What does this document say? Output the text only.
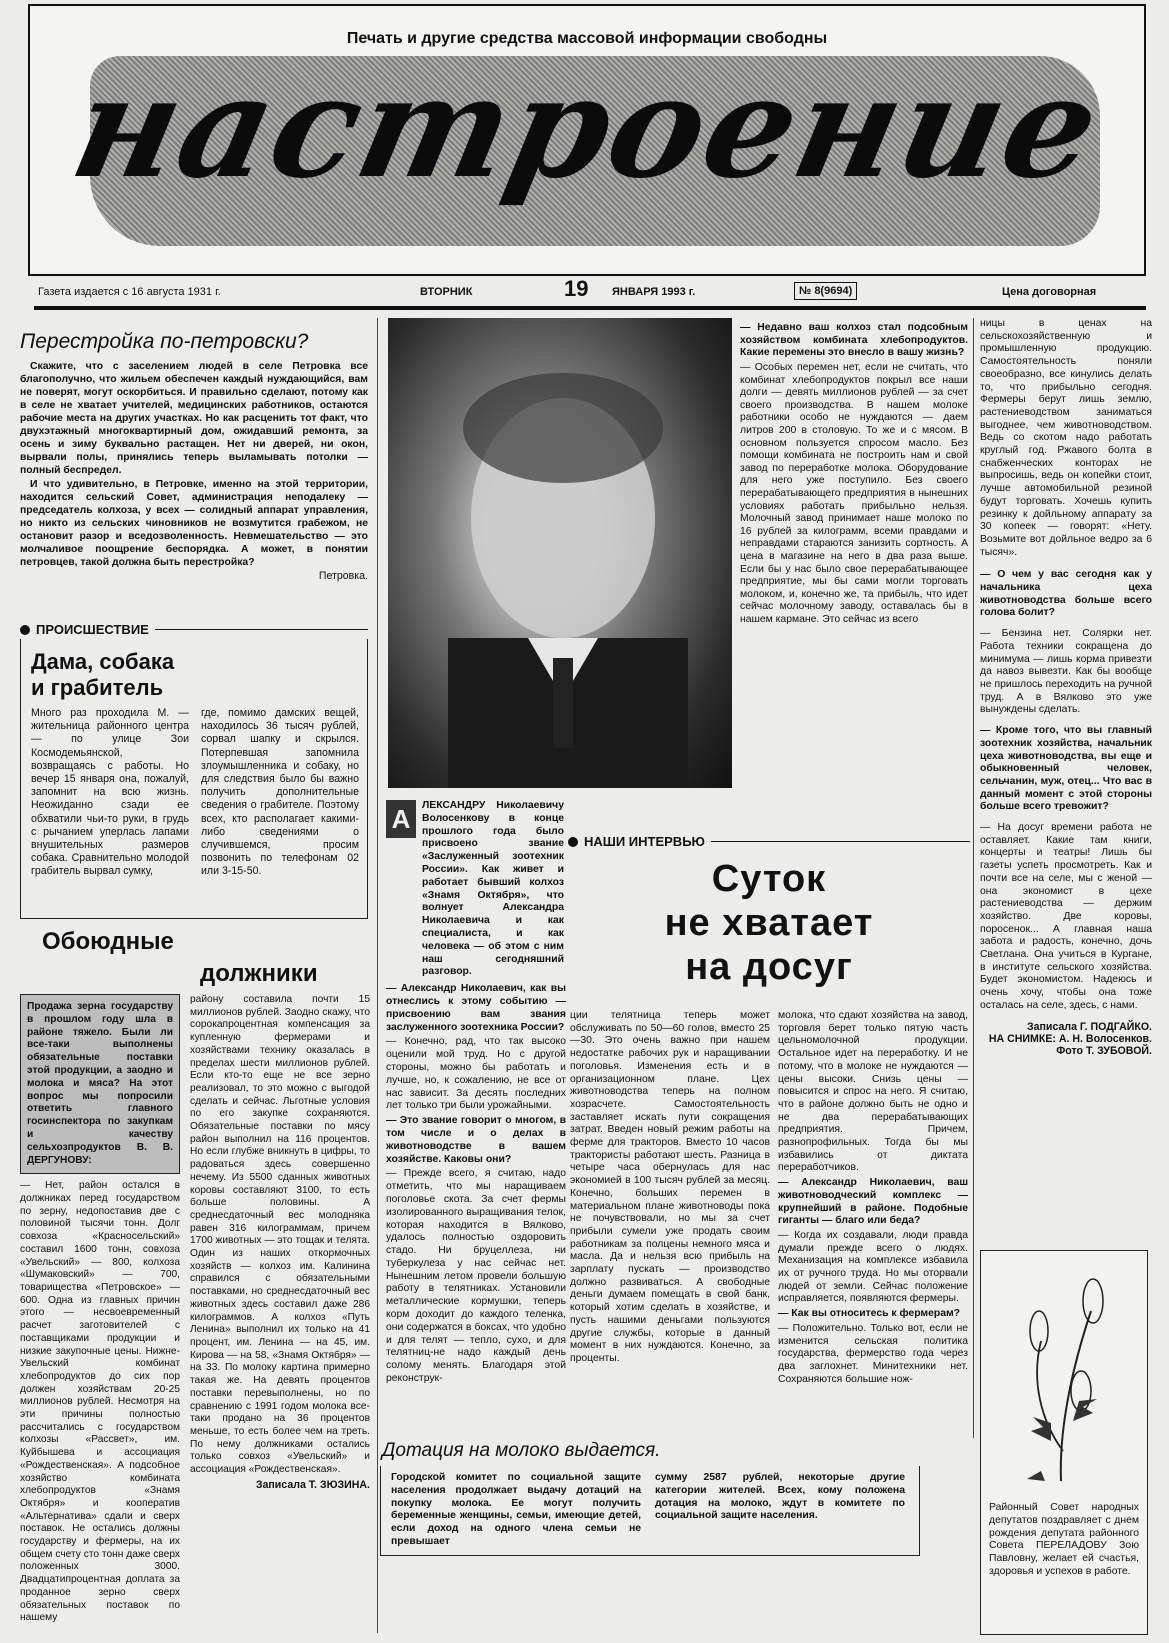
Печать и другие средства массовой информации свободны
настроение
Газета издается с 16 августа 1931 г.	ВТОРНИК	19 ЯНВАРЯ 1993 г.	№ 8(9694)	Цена договорная
Перестройка по-петровски?

Скажите, что с заселением людей в селе Петровка все благополучно, что жильем обеспечен каждый нуждающийся, вам не поверят, могут оскорбиться. И правильно сделают, потому как в селе не хватает учителей, медицинских работников, остаются рабочие места на других участках. Но как расценить тот факт, что двухэтажный многоквартирный дом, ожидавший ремонта, за осень и зиму буквально растащен. Нет ни дверей, ни окон, вырвали полы, принялись теперь выламывать потолки — полный беспредел.

И что удивительно, в Петровке, именно на этой территории, находится сельский Совет, администрация неподалеку — председатель колхоза, у всех — солидный аппарат управления, но никто из сельских чиновников не возмутится грабежом, не остановит разор и вседозволенность. Невмешательство — это молчаливое поощрение беспорядка. А может, в понятии петровцев, такой должна быть перестройка?

Петровка.
ПРОИСШЕСТВИЕ
Дама, собака
и грабитель
Много раз проходила М. — жительница районного центра — по улице Зои Космодемьянской, возвращаясь с работы. Но вечер 15 января она, пожалуй, запомнит на всю жизнь. Неожиданно сзади ее обхватили чьи-то руки, в грудь с рычанием уперлась лапами внушительных размеров собака. Сравнительно молодой грабитель вырвал сумку,
где, помимо дамских вещей, находилось 36 тысяч рублей, сорвал шапку и скрылся. Потерпевшая запомнила злоумышленника и собаку, но для следствия было бы важно получить дополнительные сведения о грабителе. Поэтому всех, кто располагает какими-либо сведениями о случившемся, просим позвонить по телефонам 02 или 3-15-50.
Обоюдные
должники
Продажа зерна государству в прошлом году шла в районе тяжело. Были ли все-таки выполнены обязательные поставки этой продукции, а заодно и молока и мяса? На этот вопрос мы попросили ответить главного госинспектора по закупкам и качеству сельхозпродуктов В. В. ДЕРГУНОВУ:
— Нет, район остался в должниках перед государством по зерну, недопоставив две с половиной тысячи тонн. Долг совхоза «Красносельский» составил 1600 тонн, совхоза «Увельский» — 800, колхоза «Шумаковский» — 700, товарищества «Петровское» — 600. Одна из главных причин этого — несвоевременный расчет заготовителей с поставщиками продукции и низкие закупочные цены. Нижне-Увельский комбинат хлебопродуктов до сих пор должен хозяйствам 20-25 миллионов рублей. Несмотря на эти причины полностью рассчитались с государством колхозы «Рассвет», им. Куйбышева и ассоциация «Рождественская». А подсобное хозяйство комбината хлебопродуктов «Знамя Октября» и кооператив «Альтернатива» сдали и сверх поставок. Не остались должны государству и фермеры, на их общем счету сто тонн даже сверх положенных 3000. Двадцатипроцентная доплата за проданное зерно сверх обязательных поставок по нашему
району составила почти 15 миллионов рублей. Заодно скажу, что сорокапроцентная компенсация за купленную фермерами и хозяйствами технику оказалась в пределах шести миллионов рублей. Если кто-то еще не все зерно реализовал, то это можно с выгодой сделать и сейчас. Льготные условия по его закупке сохраняются. Обязательные поставки по мясу район выполнил на 116 процентов. Но если глубже вникнуть в цифры, то радоваться здесь совершенно нечему. Из 5500 сданных животных коровы составляют 3100, то есть больше половины. А среднесдаточный вес молодняка равен 316 килограммам, причем 1700 животных — это тощак и телята. Один из наших откормочных хозяйств — колхоз им. Калинина справился с обязательными поставками, но среднесдаточный вес животных здесь составил даже 286 килограммов. А колхоз «Путь Ленина» выполнил их только на 41 процент, им. Ленина — на 45, им. Кирова — на 58, «Знамя Октября» — на 33. По молоку картина примерно такая же. На девять процентов поставки перевыполнены, но по сравнению с 1991 годом молока все-таки продано на 36 процентов меньше, то есть более чем на треть. По нему должниками остались только совхоз «Увельский» и ассоциация «Рождественская».
Записала Т. ЗЮЗИНА.
А	ЛЕКСАНДРУ Николаевичу Волосенкову в конце прошлого года было присвоено звание «Заслуженный зоотехник России». Как живет и работает бывший колхоз «Знамя Октября», что волнует Александра Николаевича и как специалиста, и как человека — об этом с ним наш сегодняшний разговор.
— Александр Николаевич, как вы отнеслись к этому событию — присвоению вам звания заслуженного зоотехника России?
— Конечно, рад, что так высоко оценили мой труд. Но с другой стороны, можно бы работать и лучше, но, к сожалению, не все от нас зависит. За десять последних лет только три были урожайными.
— Это звание говорит о многом, в том числе и о делах в животноводстве в вашем хозяйстве. Каковы они?
— Прежде всего, я считаю, надо отметить, что мы наращиваем поголовье скота. За счет фермы изолированного выращивания телок, которая находится в Вялково, удалось полностью оздоровить стадо. Ни бруцеллеза, ни туберкулеза у нас сейчас нет. Нынешним летом провели большую работу в телятниках. Установили металлические кормушки, теперь корм доходит до каждого теленка, они содержатся в боксах, что удобно и для телят — тепло, сухо, и для телятниц-не надо каждый день солому менять. Благодаря этой реконструк-
НАШИ ИНТЕРВЬЮ
Суток
не хватает
на досуг
ции телятница теперь может обслуживать по 50—60 голов, вместо 25—30. Это очень важно при нашем недостатке рабочих рук и наращивании поголовья. Изменения есть и в организационном плане. Цех животноводства теперь на полном хозрасчете. Самостоятельность заставляет искать пути сокращения затрат. Введен новый режим работы на ферме для тракторов. Вместо 10 часов трактористы работают шесть. Разница в четыре часа обернулась для нас экономией в 100 тысяч рублей за месяц. Конечно, больших перемен в материальном плане животноводы пока не почувствовали, но мы за счет прибыли сумели уже продать своим работникам за полцены немного мяса и масла. Да и нельзя всю прибыль на зарплату пускать — производство должно развиваться. А свободные деньги думаем помещать в свой банк, который хотим сделать в хозяйстве, и пусть нашими деньгами пользуются другие службы, которые в данный момент в них нуждаются. Конечно, за проценты.
молока, что сдают хозяйства на завод, торговля берет только пятую часть цельномолочной продукции. Остальное идет на переработку. И не потому, что в молоке не нуждаются — цены высоки. Снизь цены — повысится и спрос на него. Я считаю, что в районе должно быть не одно и не два перерабатывающих предприятия. Причем, разнопрофильных. Тогда бы мы избавились от диктата переработчиков.
— Александр Николаевич, ваш животноводческий комплекс — крупнейший в районе. Подобные гиганты — благо или беда?
— Когда их создавали, люди правда думали прежде всего о людях. Механизация на комплексе избавила их от ручного труда. Но мы оторвали людей от земли. Сейчас положение исправляется, появляются фермеры.
— Как вы относитесь к фермерам?
— Положительно. Только вот, если не изменится сельская политика государства, фермерство года через два заглохнет. Минитехники нет. Сохраняются большие нож-
— Недавно ваш колхоз стал подсобным хозяйством комбината хлебопродуктов. Какие перемены это внесло в вашу жизнь?
— Особых перемен нет, если не считать, что комбинат хлебопродуктов покрыл все наши долги — девять миллионов рублей — за счет своего производства. В нашем молоке работники особо не нуждаются — даем литров 200 в столовую. То же и с мясом. В основном пользуется спросом масло. Без помощи комбината не построить нам и свой завод по переработке молока. Оборудование для него уже поступило. Без своего перерабатывающего предприятия в нынешних условиях работать прибыльно нельзя. Молочный завод принимает наше молоко по 16 рублей за килограмм, всеми правдами и неправдами стараются занизить сортность. А цена в магазине на него в два раза выше. Если бы у нас было свое перерабатывающее предприятие, мы бы сами могли торговать молоком, и, конечно же, та прибыль, что идет сейчас молочному заводу, оставалась бы в нашем кармане. Это сейчас из всего
ницы в ценах на сельскохозяйственную и промышленную продукцию. Самостоятельность поняли своеобразно, все кинулись делать то, что прибыльно сегодня. Фермеры берут лишь землю, растениеводством заниматься выгоднее, чем животноводством. Ведь со скотом надо работать круглый год. Ржавого болта в снабженческих конторах не выпросишь, ведь он копейки стоит, лучше автомобильной резиной будут торговать. Хочешь купить резинку к дойльному аппарату за 30 копеек — говорят: «Нету. Возьмите вот дойльное ведро за 6 тысяч».
— О чем у вас сегодня как у начальника цеха животноводства больше всего голова болит?
— Бензина нет. Солярки нет. Работа техники сокращена до минимума — лишь корма привезти да навоз вывезти. Как бы вообще не пришлось переходить на ручной труд. А в Вялково это уже вынуждены сделать.
— Кроме того, что вы главный зоотехник хозяйства, начальник цеха животноводства, вы еще и обыкновенный человек, сельчанин, муж, отец... Что вас в данный момент с этой стороны больше всего тревожит?
— На досуг времени работа не оставляет. Какие там книги, концерты и театры! Лишь бы газеты успеть просмотреть. Как и почти все на селе, мы с женой — она экономист в цехе растениеводства — держим хозяйство. Две коровы, поросенок... А главная наша забота и радость, конечно, дочь Светлана. Она учиться в Кургане, в институте сельского хозяйства. Будет экономистом. Надеюсь и очень хочу, чтобы она тоже осталась на селе, здесь, с нами.
Записала Г. ПОДГАЙКО.
НА СНИМКЕ: А. Н. Волосенков.
Фото Т. ЗУБОВОЙ.
Районный Совет народных депутатов поздравляет с днем рождения депутата районного Совета ПЕРЕЛАДОВУ Зою Павловну, желает ей счастья, здоровья и успехов в работе.
Дотация на молоко выдается.
Городской комитет по социальной защите населения продолжает выдачу дотаций на покупку молока. Ее могут получить беременные женщины, семьи, имеющие детей, если доход на одного члена семьи не превышает
сумму 2587 рублей, некоторые другие категории жителей. Всех, кому положена дотация на молоко, ждут в комитете по социальной защите населения.
